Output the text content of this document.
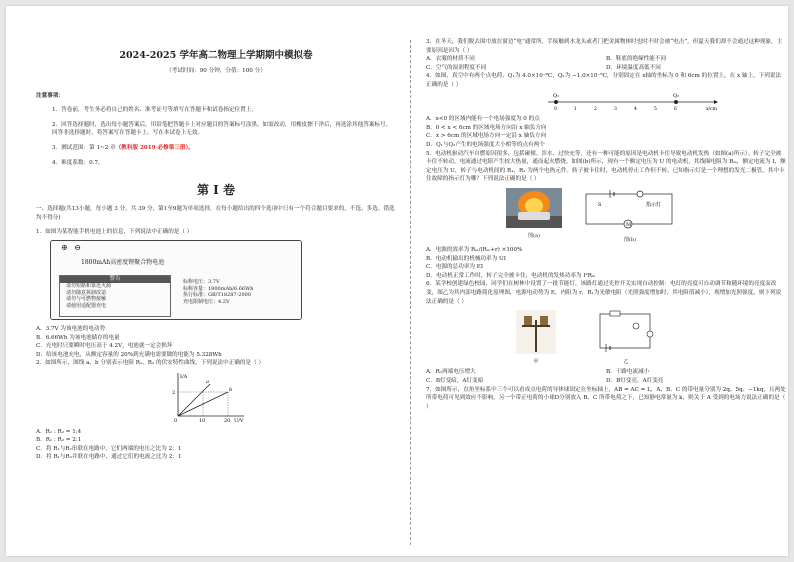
2024-2025 学年高二物理上学期期中模拟卷
（考试时间：90 分钟，分值：100 分）
注意事项：
1．答卷前，考生务必将自己的姓名、准考证号等填写在答题卡和试卷指定位置上。
2．回答选择题时，选出每小题答案后，用铅笔把答题卡上对应题目的答案标号涂黑。如需改动，用橡皮擦干净后，再选涂其他答案标号。回答非选择题时，将答案写在答题卡上。写在本试卷上无效。
3．测试范围：第 1~2 章（教科版 2019 必修第三册）。
4．难度系数：0.7。
第 I 卷
一、选择题(共13小题，每小题 3 分，共 39 分，第1至9题为单项选择，在每小题给出的四个选项中只有一个符合题目要求的，不选、多选、错选均不得分)
1．如图为某智能手机电池上的信息，下列说法中正确的是（ ）
⊕ ⊖
1800mAh高密度锂聚合物电池
警告
请勿短路和靠近火源
请勿随意拆卸改造
请勿与可燃物接触
请使用适配器充电
标称电压：3.7V
标称容量：1800mAh/6.66Wh
执行标准：GB/T18287-2000
充电限制电压：4.2V
A．3.7V 为该电池的电动势
B．6.66Wh 为该电池储存的电量
C．充电时只要瞬时电压高于 4.2V，电池就一定会损坏
D．给该电池充电，从额定容量的 20%到充满电需要做的电能为 5.328Wh
2．如图所示，图线 a、b 分别表示电阻 R₁、R₂ 的伏安特性曲线，下列说法中正确的是（ ）
I/A
U/V
2
0	10	20
a
b
A．R₁ : R₂ = 1:4
B．R₁ : R₂ = 2:1
C．将 R₁与R₂串联在电路中，它们两端的电压之比为 2：1
D．将 R₁与R₂并联在电路中，通过它们的电流之比为 2：1
3．在冬天，我们脱去围巾放在窗边“电”通常所，手接触到水龙头或者门把金属物体时也时不时会被“电击”，但夏天我们却不会通过这种现象，主要原因是因为（ ）
A．衣服的材质不同	B．鞋底的绝缘性能不同
C．空气的湿润程度不同	D．环境温度高低不同
4．如图，真空中有两个点电荷，Q₁为 4.0×10⁻⁸C，Q₂为 −1.0×10⁻⁸C，分别固定在 x轴的坐标为 0 和 6cm 的位置上，在 x 轴上，下列说法正确的是（ ）
Q₁	Q₂
0	1	2	3	4	5	6	x/cm
A．x<0 的区域内能有一个电场强度为 0 的点
B．0 < x < 6cm 的区域电场方向沿 x 轴负方向
C．x > 6cm 的区域电场方向一定沿 x 轴负方向
D．Q₁与Q₂产生的电场强度大小相等的点有两个
5．电动机驱动汽车自燃原因很多，包括碰撞、涉水、过快充等，还有一种可能的原因是电动机卡住导致电动机发热（如图(a)所示）。转子完全被卡住不转动，电流通过电阻产生较大热量，通而起火燃烧。如图(b)所示，现有一个额定电压为 U 的电动机，其线圈电阻为 Rₘ，额定电流为 I，额定电压为 U，转子与电动机间的 R₁、R₂ 为两个电热元件。转子被卡住时，电动机停止工作但不转，已知指示灯是一个理想的发光二极管，其中卡住故障的指示灯为哪？下列说法正确的是（ ）
图(a)
M
S	指示灯
图(b)
A．电源的效率为 Rₘ/(Rₘ+r) ×100%
B．电动机输出的机械功率为 UI
C．电源的总功率为 EI
D．电动机正常工作时，转子完全被卡住，电动机的发热功率为 I²Rₘ
6．某学校创建绿色校园，同学们在树林中设置了一批节能灯，该路灯通过光控开关实现自动控制：电灯的亮度可自动调节和随环境的亮度而改变，图乙为其内部电路简化原理图，电源电动势为 E，内阻为 r，R₁为光敏电阻（光照强度增加时，其电阻值减小），现增加光照强度，则下列说法正确的是（ ）
甲	乙
A．R₁两端电压增大	B．干路电流减小
C．B灯变暗，A灯变暗	D．B灯变亮，A灯变亮
7．如图所示，直角坐标系中三个可以看成点电荷的导体球固定在坐标轴上，AB = AC = L，A、B、C 的带电量分别为 2q、5q、−1kq，且两处所带电荷可见到效应不影响，另一个带正电荷的小球D分别放入 B、C 所带电荷之下，已知静电常量为 k，则关于 A 受到的电场力说法正确的是（ ）
